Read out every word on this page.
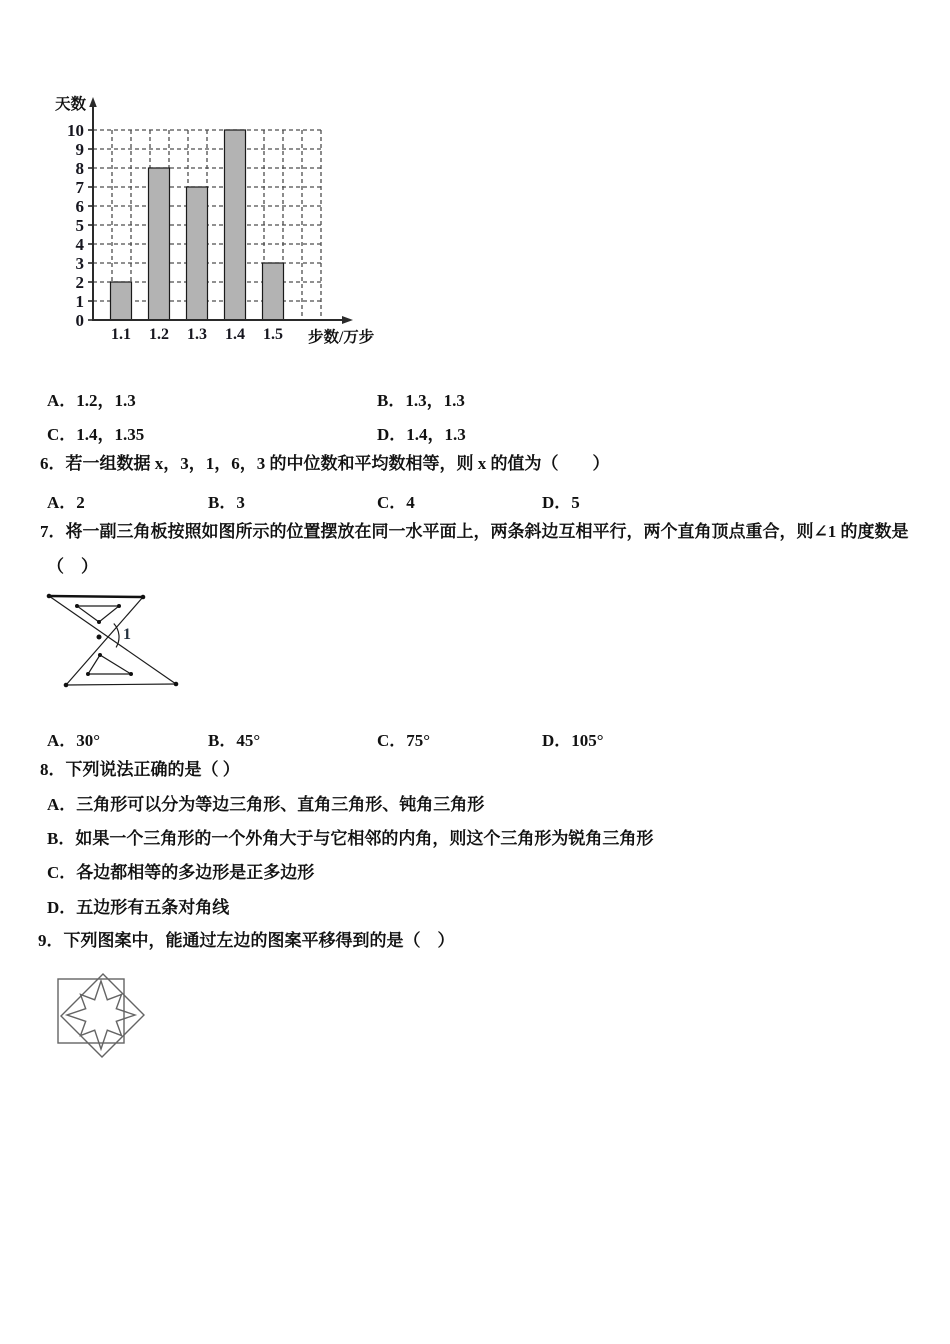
天数
步数/万步
0
1
2
3
4
5
6
7
8
9
10
1.1 1.2 1.3 1.4 1.5
A．1.2，1.3	B．1.3，1.3
C．1.4，1.35	D．1.4，1.3
6．若一组数据 x，3，1，6，3 的中位数和平均数相等，则 x 的值为（　　）
A．2	B．3	C．4	D．5
7．将一副三角板按照如图所示的位置摆放在同一水平面上，两条斜边互相平行，两个直角顶点重合，则∠1 的度数是
（　）
1
A．30°	B．45°	C．75°	D．105°
8．下列说法正确的是（ ）
A．三角形可以分为等边三角形、直角三角形、钝角三角形
B．如果一个三角形的一个外角大于与它相邻的内角，则这个三角形为锐角三角形
C．各边都相等的多边形是正多边形
D．五边形有五条对角线
9．下列图案中，能通过左边的图案平移得到的是（　）
